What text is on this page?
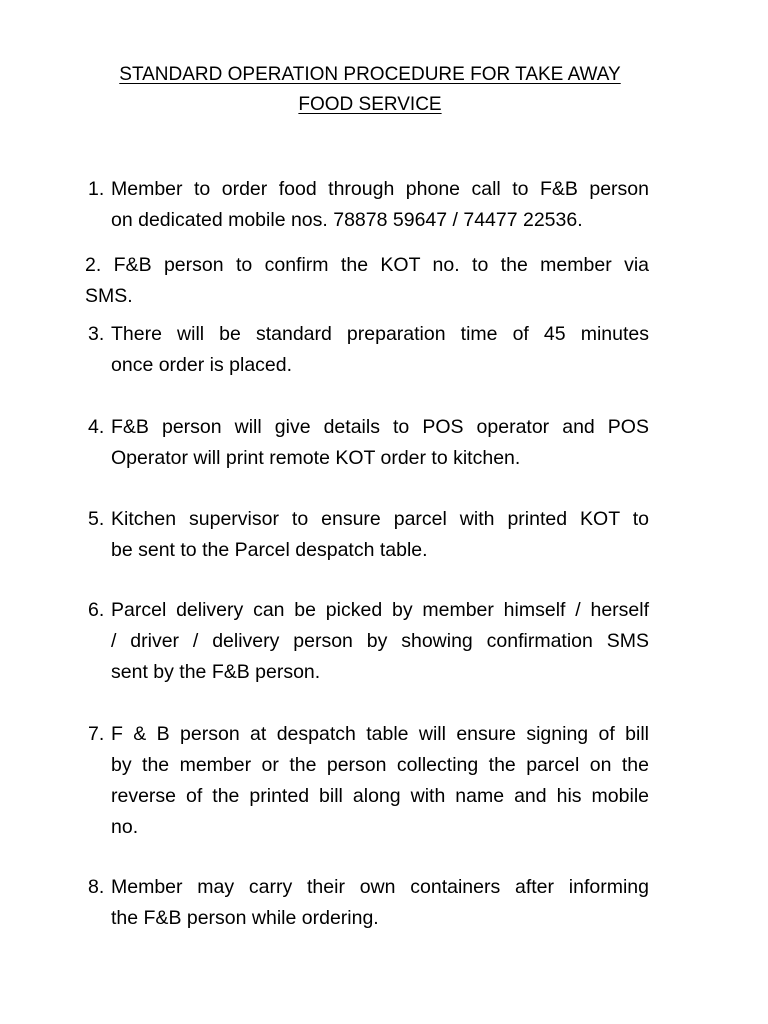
STANDARD OPERATION PROCEDURE FOR TAKE AWAY
FOOD SERVICE
1. Member to order food through phone call to F&B person
on dedicated mobile nos. 78878 59647 / 74477 22536.
2. F&B person to confirm the KOT no. to the member via
SMS.
3. There will be standard preparation time of 45 minutes
once order is placed.
4. F&B person will give details to POS operator and POS
Operator will print remote KOT order to kitchen.
5. Kitchen supervisor to ensure parcel with printed KOT to
be sent to the Parcel despatch table.
6. Parcel delivery can be picked by member himself / herself
/ driver / delivery person by showing confirmation SMS
sent by the F&B person.
7. F & B person at despatch table will ensure signing of bill
by the member or the person collecting the parcel on the
reverse of the printed bill along with name and his mobile
no.
8. Member may carry their own containers after informing
the F&B person while ordering.
